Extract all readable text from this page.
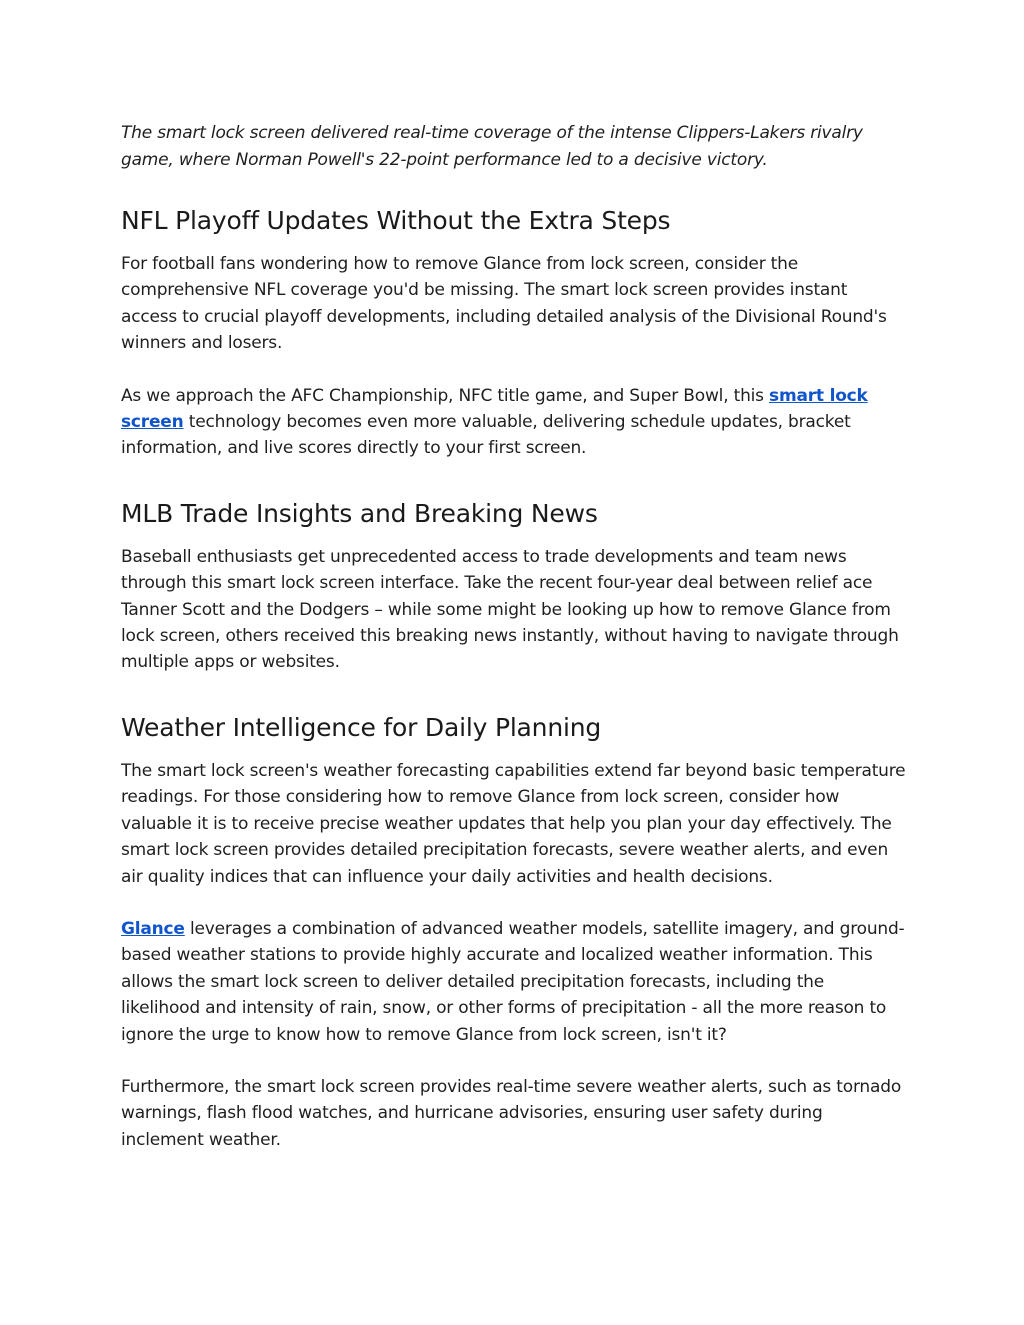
The smart lock screen delivered real-time coverage of the intense Clippers-Lakers rivalry game, where Norman Powell's 22-point performance led to a decisive victory.

NFL Playoff Updates Without the Extra Steps

For football fans wondering how to remove Glance from lock screen, consider the comprehensive NFL coverage you'd be missing. The smart lock screen provides instant access to crucial playoff developments, including detailed analysis of the Divisional Round's winners and losers.

As we approach the AFC Championship, NFC title game, and Super Bowl, this smart lock screen technology becomes even more valuable, delivering schedule updates, bracket information, and live scores directly to your first screen.

MLB Trade Insights and Breaking News

Baseball enthusiasts get unprecedented access to trade developments and team news through this smart lock screen interface. Take the recent four-year deal between relief ace Tanner Scott and the Dodgers – while some might be looking up how to remove Glance from lock screen, others received this breaking news instantly, without having to navigate through multiple apps or websites.

Weather Intelligence for Daily Planning

The smart lock screen's weather forecasting capabilities extend far beyond basic temperature readings. For those considering how to remove Glance from lock screen, consider how valuable it is to receive precise weather updates that help you plan your day effectively. The smart lock screen provides detailed precipitation forecasts, severe weather alerts, and even air quality indices that can influence your daily activities and health decisions.

Glance leverages a combination of advanced weather models, satellite imagery, and ground-based weather stations to provide highly accurate and localized weather information. This allows the smart lock screen to deliver detailed precipitation forecasts, including the likelihood and intensity of rain, snow, or other forms of precipitation - all the more reason to ignore the urge to know how to remove Glance from lock screen, isn't it?

Furthermore, the smart lock screen provides real-time severe weather alerts, such as tornado warnings, flash flood watches, and hurricane advisories, ensuring user safety during inclement weather.
